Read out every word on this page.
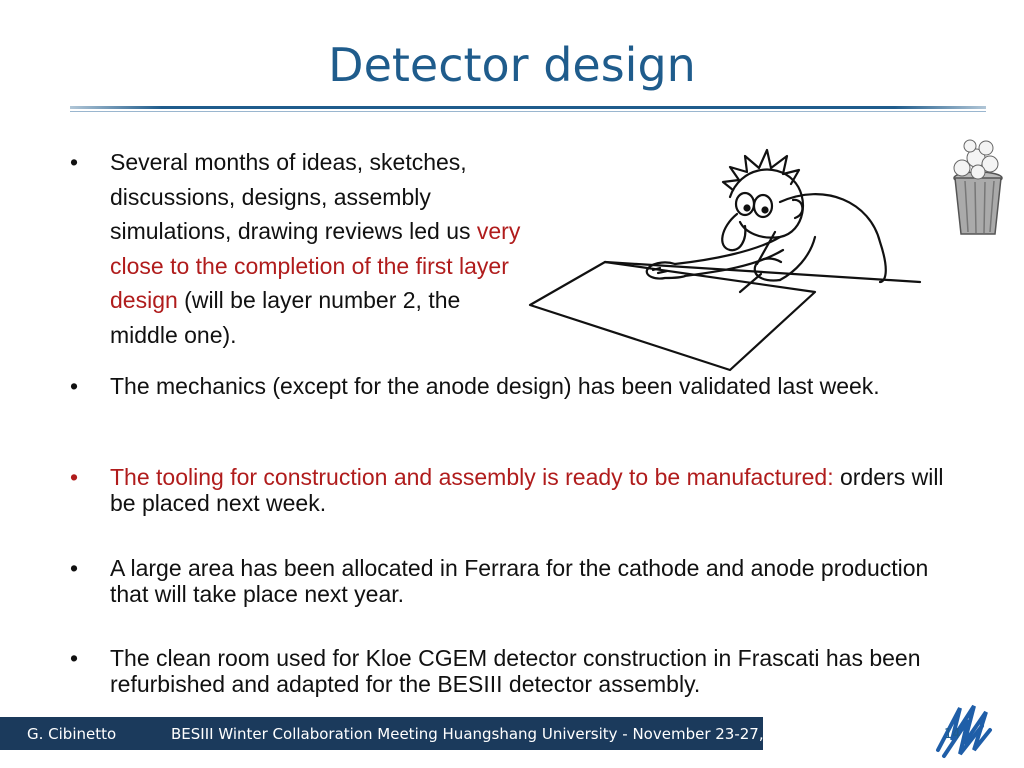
Detector design
• Several months of ideas, sketches, discussions, designs, assembly simulations, drawing reviews led us very close to the completion of the first layer design (will be layer number 2, the middle one).
• The mechanics (except for the anode design) has been validated last week.
• The tooling for construction and assembly is ready to be manufactured: orders will be placed next week.
• A large area has been allocated in Ferrara for the cathode and anode production that will take place next year.
• The clean room used for Kloe CGEM detector construction in Frascati has been refurbished and adapted for the BESIII detector assembly.
G. Cibinetto	BESIII Winter Collaboration Meeting Huangshang University - November 23-27, 2013	14
